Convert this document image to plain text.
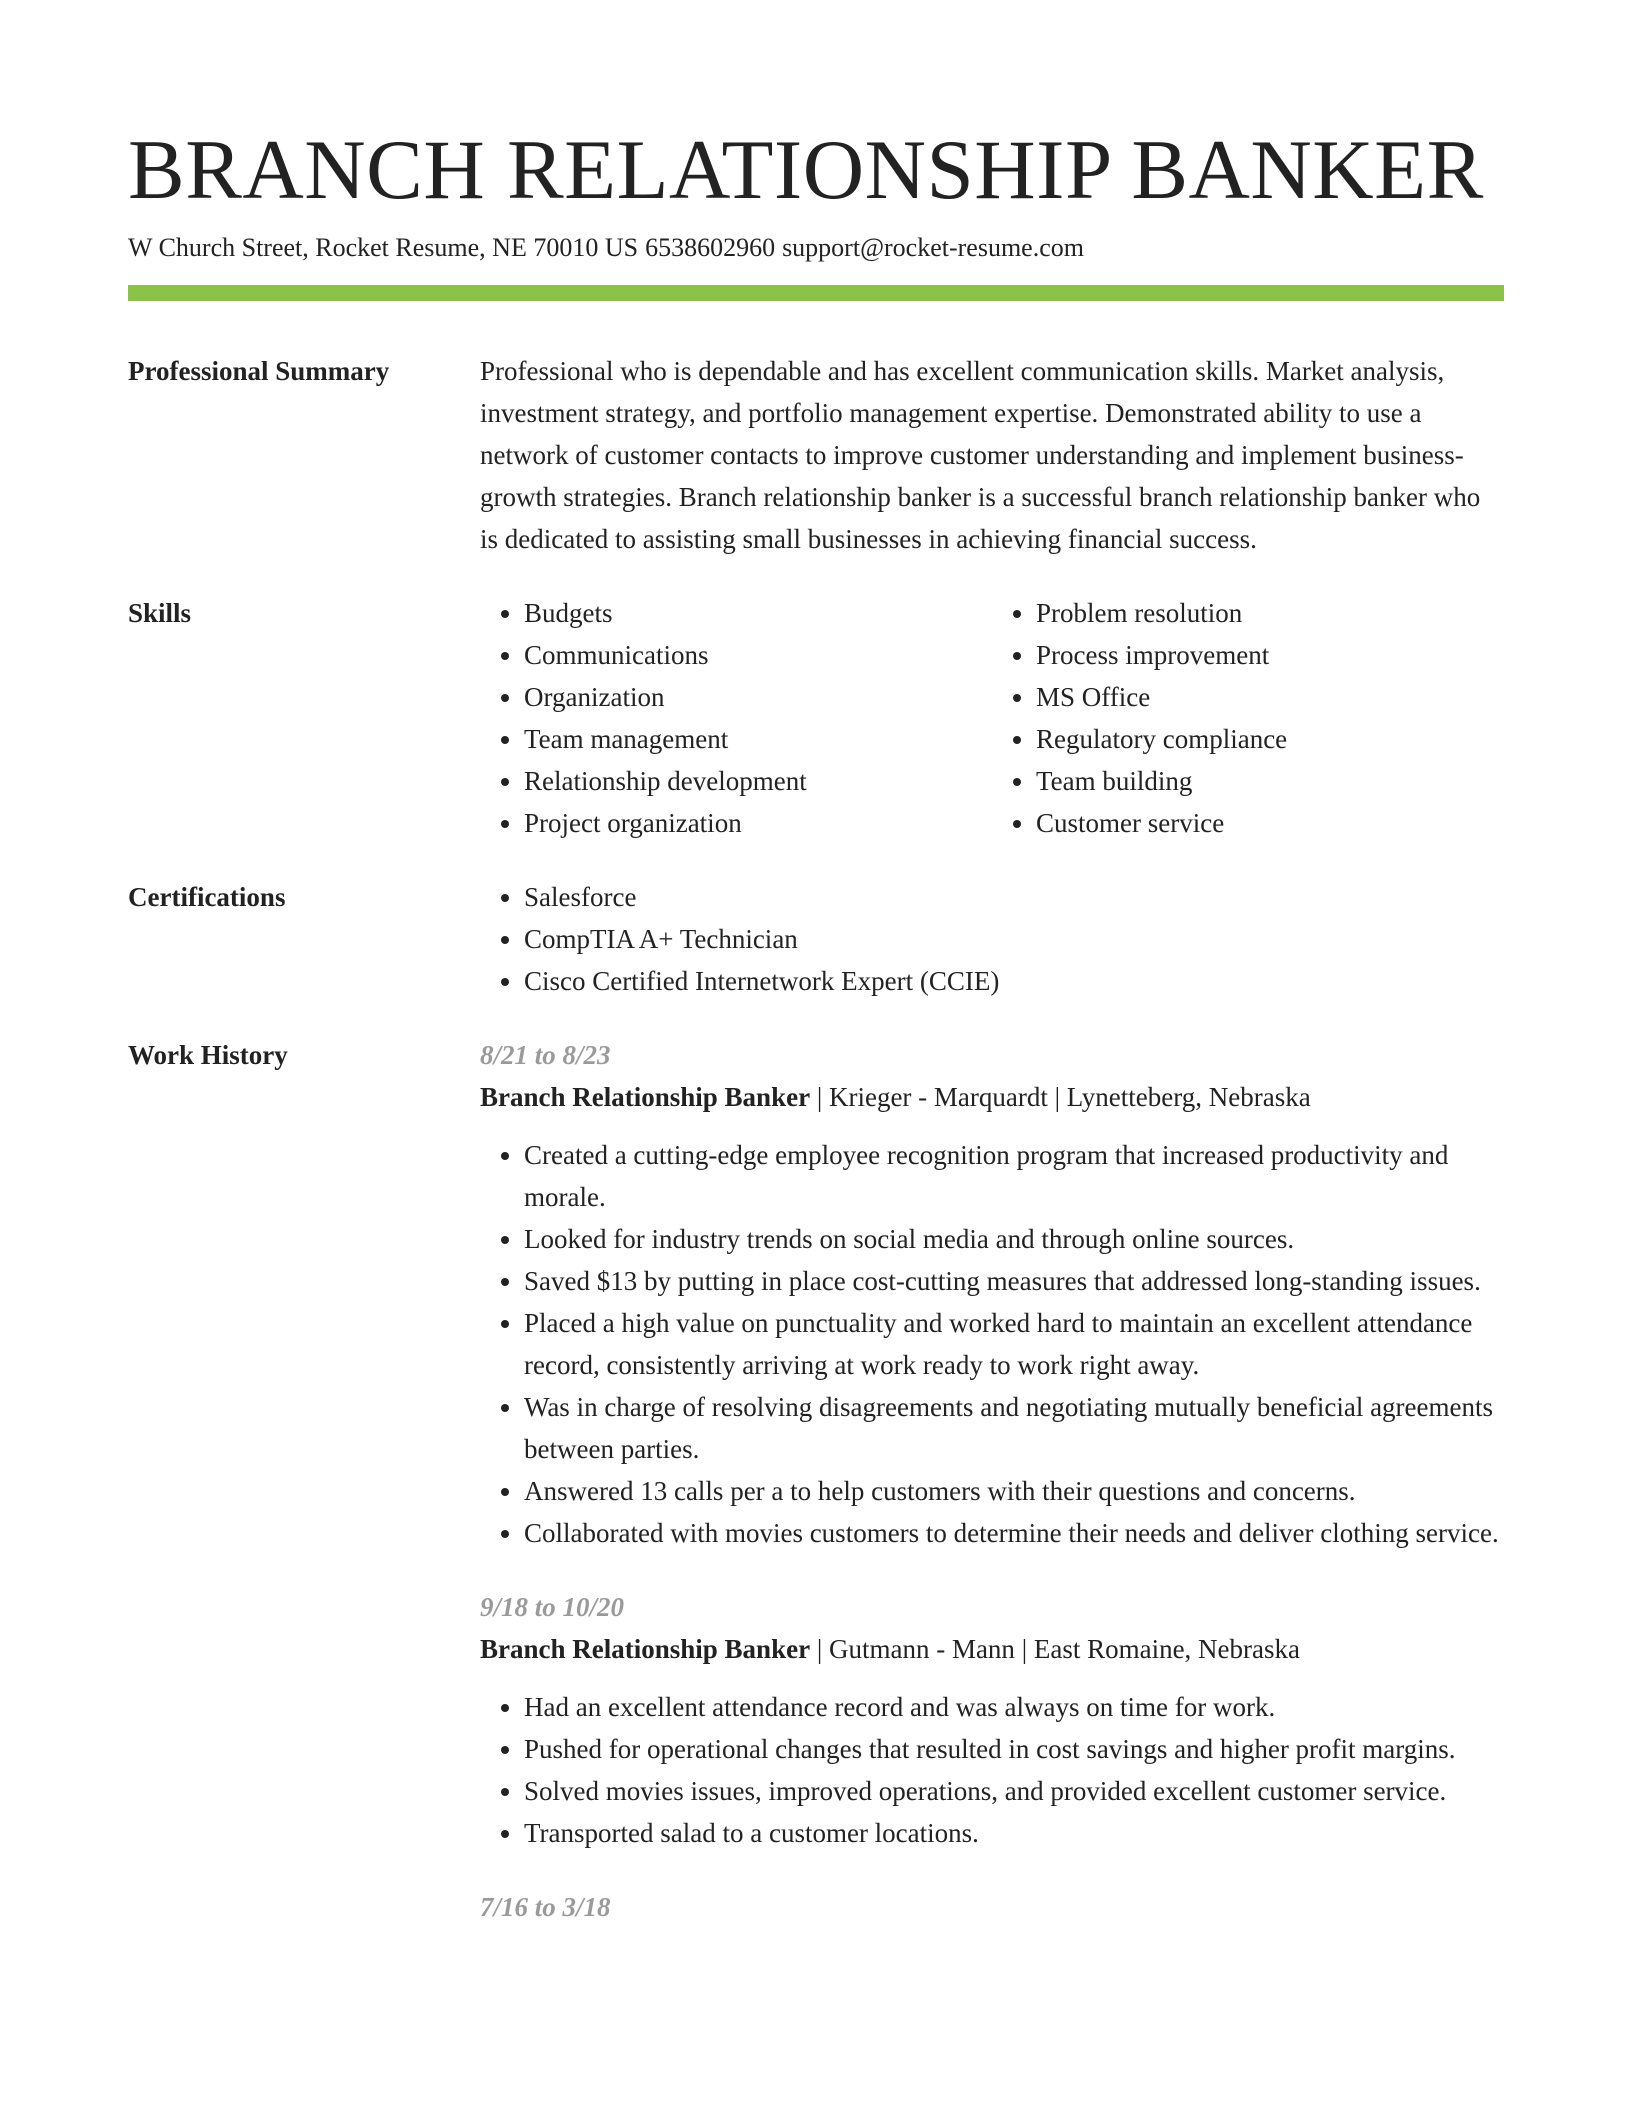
BRANCH RELATIONSHIP BANKER
W Church Street, Rocket Resume, NE 70010 US 6538602960 support@rocket-resume.com
Professional Summary	Professional who is dependable and has excellent communication skills. Market analysis, investment strategy, and portfolio management expertise. Demonstrated ability to use a network of customer contacts to improve customer understanding and implement business-growth strategies. Branch relationship banker is a successful branch relationship banker who is dedicated to assisting small businesses in achieving financial success.

Skills	• Budgets
• Communications
• Organization
• Team management
• Relationship development
• Project organization
• Problem resolution
• Process improvement
• MS Office
• Regulatory compliance
• Team building
• Customer service
Certifications	• Salesforce
• CompTIA A+ Technician
• Cisco Certified Internetwork Expert (CCIE)
Work History	8/21 to 8/23
Branch Relationship Banker | Krieger - Marquardt | Lynetteberg, Nebraska
• Created a cutting-edge employee recognition program that increased productivity and morale.
• Looked for industry trends on social media and through online sources.
• Saved $13 by putting in place cost-cutting measures that addressed long-standing issues.
• Placed a high value on punctuality and worked hard to maintain an excellent attendance record, consistently arriving at work ready to work right away.
• Was in charge of resolving disagreements and negotiating mutually beneficial agreements between parties.
• Answered 13 calls per a to help customers with their questions and concerns.
• Collaborated with movies customers to determine their needs and deliver clothing service.
9/18 to 10/20
Branch Relationship Banker | Gutmann - Mann | East Romaine, Nebraska
• Had an excellent attendance record and was always on time for work.
• Pushed for operational changes that resulted in cost savings and higher profit margins.
• Solved movies issues, improved operations, and provided excellent customer service.
• Transported salad to a customer locations.
7/16 to 3/18
